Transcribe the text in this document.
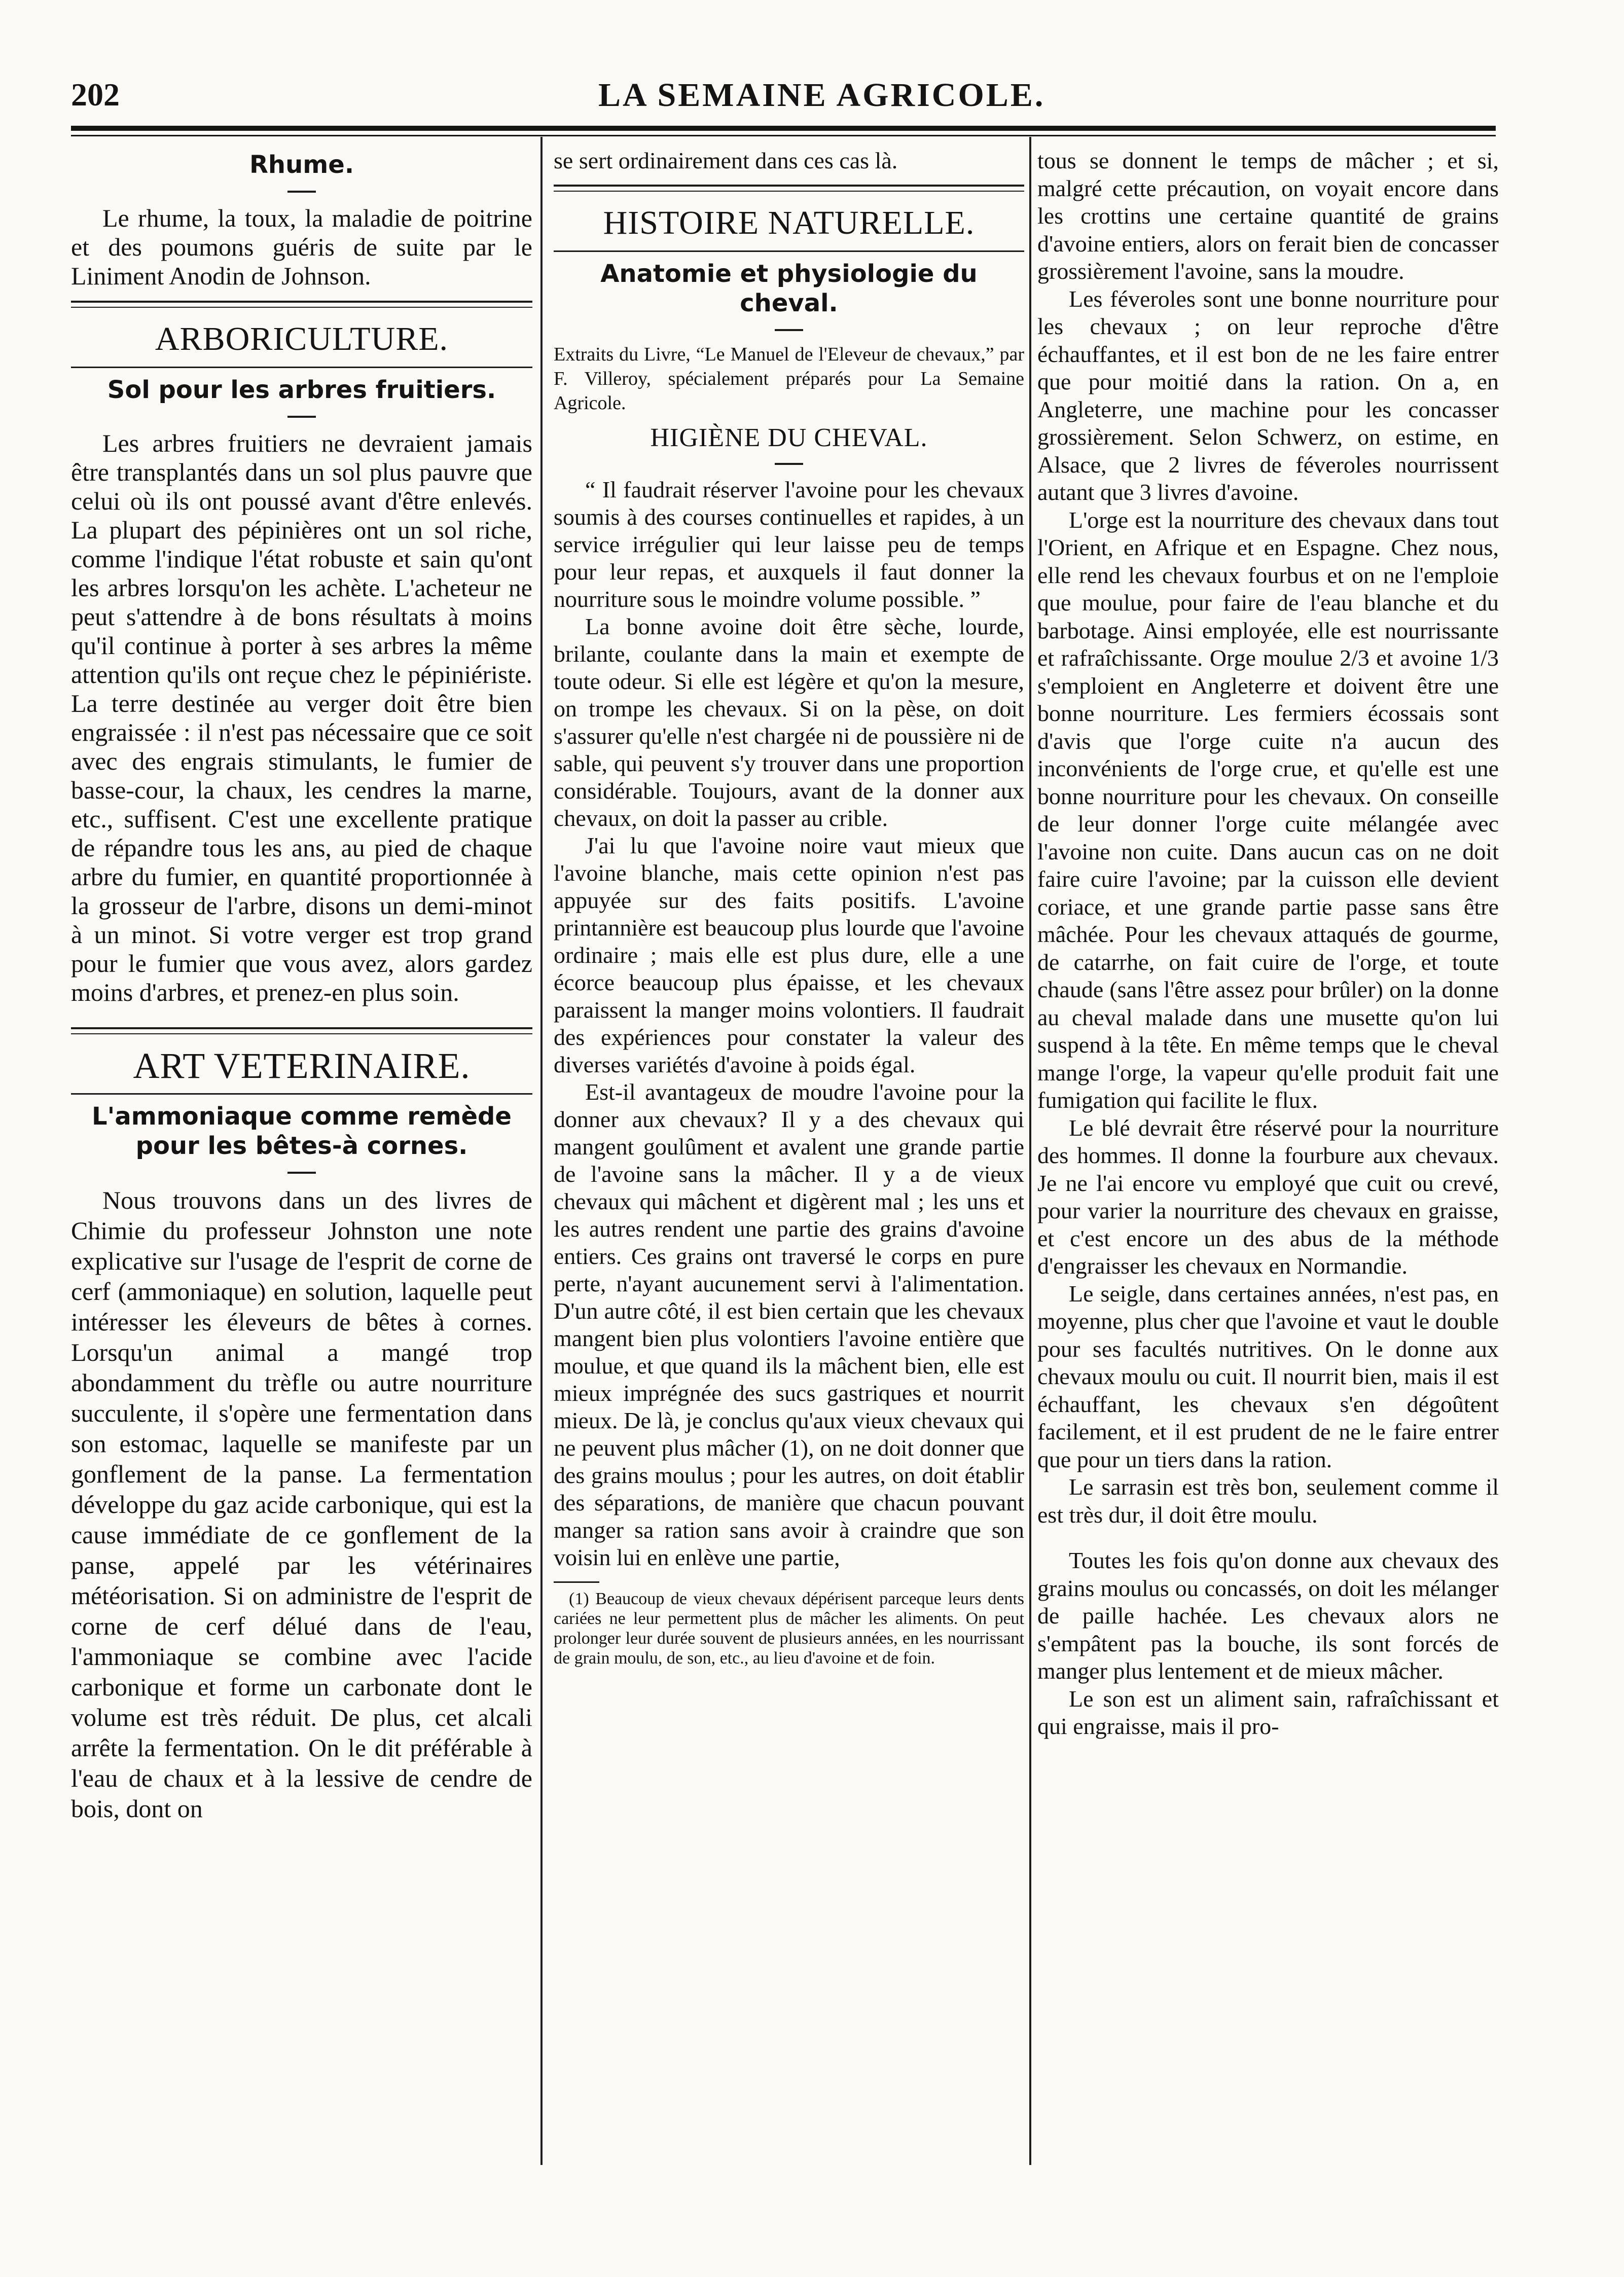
202	LA SEMAINE AGRICOLE.
Rhume.

Le rhume, la toux, la maladie de poitrine et des poumons guéris de suite par le Liniment Anodin de Johnson.

ARBORICULTURE.
Sol pour les arbres fruitiers.

Les arbres fruitiers ne devraient jamais être transplantés dans un sol plus pauvre que celui où ils ont poussé avant d'être enlevés. La plupart des pépinières ont un sol riche, comme l'indique l'état robuste et sain qu'ont les arbres lorsqu'on les achète. L'acheteur ne peut s'attendre à de bons résultats à moins qu'il continue à porter à ses arbres la même attention qu'ils ont reçue chez le pépiniériste. La terre destinée au verger doit être bien engraissée : il n'est pas nécessaire que ce soit avec des engrais stimulants, le fumier de basse-cour, la chaux, les cendres la marne, etc., suffisent. C'est une excellente pratique de répandre tous les ans, au pied de chaque arbre du fumier, en quantité proportionnée à la grosseur de l'arbre, disons un demi-minot à un minot. Si votre verger est trop grand pour le fumier que vous avez, alors gardez moins d'arbres, et prenez-en plus soin.

ART VETERINAIRE.
L'ammoniaque comme remède pour les bêtes-à cornes.

Nous trouvons dans un des livres de Chimie du professeur Johnston une note explicative sur l'usage de l'esprit de corne de cerf (ammoniaque) en solution, laquelle peut intéresser les éleveurs de bêtes à cornes. Lorsqu'un animal a mangé trop abondamment du trèfle ou autre nourriture succulente, il s'opère une fermentation dans son estomac, laquelle se manifeste par un gonflement de la panse. La fermentation développe du gaz acide carbonique, qui est la cause immédiate de ce gonflement de la panse, appelé par les vétérinaires météorisation. Si on administre de l'esprit de corne de cerf délué dans de l'eau, l'ammoniaque se combine avec l'acide carbonique et forme un carbonate dont le volume est très réduit. De plus, cet alcali arrête la fermentation. On le dit préférable à l'eau de chaux et à la lessive de cendre de bois, dont on

se sert ordinairement dans ces cas là.

HISTOIRE NATURELLE.
Anatomie et physiologie du cheval.

Extraits du Livre, “Le Manuel de l'Eleveur de chevaux,” par F. Villeroy, spécialement préparés pour La Semaine Agricole.

HIGIÈNE DU CHEVAL.

“ Il faudrait réserver l'avoine pour les chevaux soumis à des courses continuelles et rapides, à un service irrégulier qui leur laisse peu de temps pour leur repas, et auxquels il faut donner la nourriture sous le moindre volume possible. ”

La bonne avoine doit être sèche, lourde, brilante, coulante dans la main et exempte de toute odeur. Si elle est légère et qu'on la mesure, on trompe les chevaux. Si on la pèse, on doit s'assurer qu'elle n'est chargée ni de poussière ni de sable, qui peuvent s'y trouver dans une proportion considérable. Toujours, avant de la donner aux chevaux, on doit la passer au crible.

J'ai lu que l'avoine noire vaut mieux que l'avoine blanche, mais cette opinion n'est pas appuyée sur des faits positifs. L'avoine printannière est beaucoup plus lourde que l'avoine ordinaire ; mais elle est plus dure, elle a une écorce beaucoup plus épaisse, et les chevaux paraissent la manger moins volontiers. Il faudrait des expériences pour constater la valeur des diverses variétés d'avoine à poids égal.

Est-il avantageux de moudre l'avoine pour la donner aux chevaux? Il y a des chevaux qui mangent goulûment et avalent une grande partie de l'avoine sans la mâcher. Il y a de vieux chevaux qui mâchent et digèrent mal ; les uns et les autres rendent une partie des grains d'avoine entiers. Ces grains ont traversé le corps en pure perte, n'ayant aucunement servi à l'alimentation. D'un autre côté, il est bien certain que les chevaux mangent bien plus volontiers l'avoine entière que moulue, et que quand ils la mâchent bien, elle est mieux imprégnée des sucs gastriques et nourrit mieux. De là, je conclus qu'aux vieux chevaux qui ne peuvent plus mâcher (1), on ne doit donner que des grains moulus ; pour les autres, on doit établir des séparations, de manière que chacun pouvant manger sa ration sans avoir à craindre que son voisin lui en enlève une partie,

(1) Beaucoup de vieux chevaux dépérisent parceque leurs dents cariées ne leur permettent plus de mâcher les aliments. On peut prolonger leur durée souvent de plusieurs années, en les nourrissant de grain moulu, de son, etc., au lieu d'avoine et de foin.

tous se donnent le temps de mâcher ; et si, malgré cette précaution, on voyait encore dans les crottins une certaine quantité de grains d'avoine entiers, alors on ferait bien de concasser grossièrement l'avoine, sans la moudre.

Les féveroles sont une bonne nourriture pour les chevaux ; on leur reproche d'être échauffantes, et il est bon de ne les faire entrer que pour moitié dans la ration. On a, en Angleterre, une machine pour les concasser grossièrement. Selon Schwerz, on estime, en Alsace, que 2 livres de féveroles nourrissent autant que 3 livres d'avoine.

L'orge est la nourriture des chevaux dans tout l'Orient, en Afrique et en Espagne. Chez nous, elle rend les chevaux fourbus et on ne l'emploie que moulue, pour faire de l'eau blanche et du barbotage. Ainsi employée, elle est nourrissante et rafraîchissante. Orge moulue 2/3 et avoine 1/3 s'emploient en Angleterre et doivent être une bonne nourriture. Les fermiers écossais sont d'avis que l'orge cuite n'a aucun des inconvénients de l'orge crue, et qu'elle est une bonne nourriture pour les chevaux. On conseille de leur donner l'orge cuite mélangée avec l'avoine non cuite. Dans aucun cas on ne doit faire cuire l'avoine; par la cuisson elle devient coriace, et une grande partie passe sans être mâchée. Pour les chevaux attaqués de gourme, de catarrhe, on fait cuire de l'orge, et toute chaude (sans l'être assez pour brûler) on la donne au cheval malade dans une musette qu'on lui suspend à la tête. En même temps que le cheval mange l'orge, la vapeur qu'elle produit fait une fumigation qui facilite le flux.

Le blé devrait être réservé pour la nourriture des hommes. Il donne la fourbure aux chevaux. Je ne l'ai encore vu employé que cuit ou crevé, pour varier la nourriture des chevaux en graisse, et c'est encore un des abus de la méthode d'engraisser les chevaux en Normandie.

Le seigle, dans certaines années, n'est pas, en moyenne, plus cher que l'avoine et vaut le double pour ses facultés nutritives. On le donne aux chevaux moulu ou cuit. Il nourrit bien, mais il est échauffant, les chevaux s'en dégoûtent facilement, et il est prudent de ne le faire entrer que pour un tiers dans la ration.

Le sarrasin est très bon, seulement comme il est très dur, il doit être moulu.

Toutes les fois qu'on donne aux chevaux des grains moulus ou concassés, on doit les mélanger de paille hachée. Les chevaux alors ne s'empâtent pas la bouche, ils sont forcés de manger plus lentement et de mieux mâcher.

Le son est un aliment sain, rafraîchissant et qui engraisse, mais il pro-
